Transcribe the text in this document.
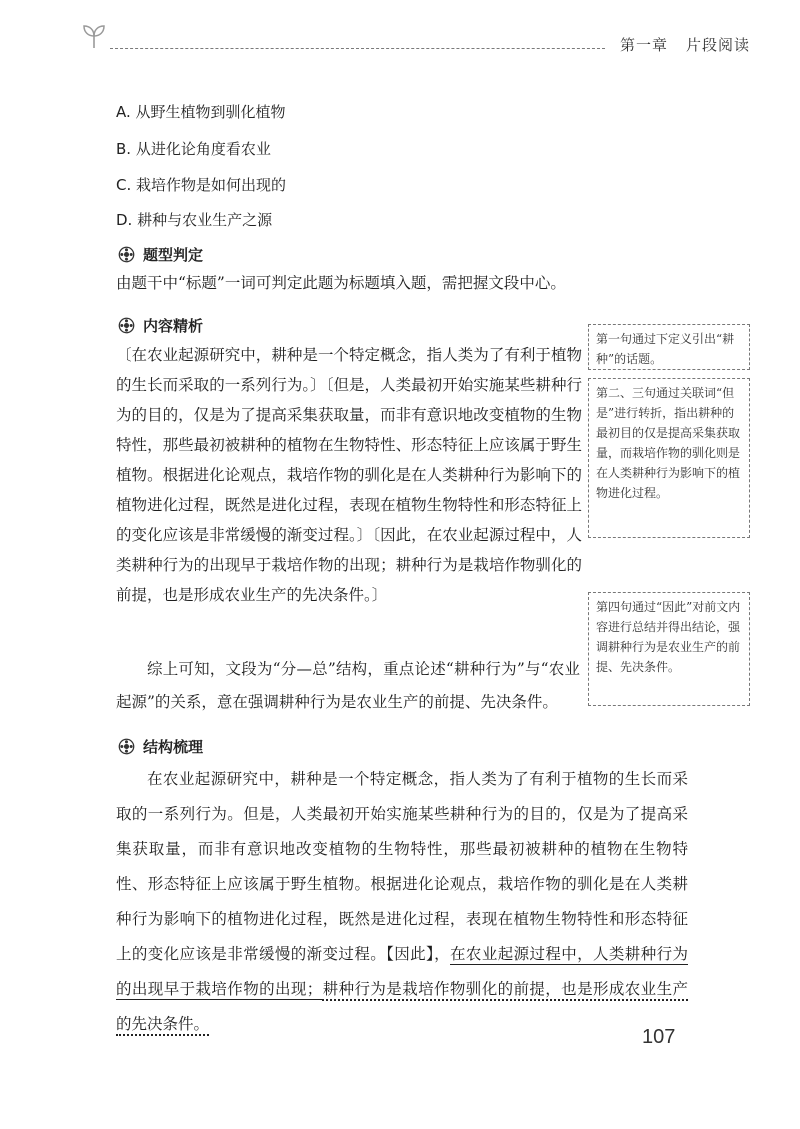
第一章 片段阅读
A. 从野生植物到驯化植物
B. 从进化论角度看农业
C. 栽培作物是如何出现的
D. 耕种与农业生产之源
题型判定
由题干中“标题”一词可判定此题为标题填入题，需把握文段中心。
内容精析

〔在农业起源研究中，耕种是一个特定概念，指人类为了有利于植物的生长而采取的一系列行为。〕〔但是，人类最初开始实施某些耕种行为的目的，仅是为了提高采集获取量，而非有意识地改变植物的生物特性，那些最初被耕种的植物在生物特性、形态特征上应该属于野生植物。根据进化论观点，栽培作物的驯化是在人类耕种行为影响下的植物进化过程，既然是进化过程，表现在植物生物特性和形态特征上的变化应该是非常缓慢的渐变过程。〕〔因此，在农业起源过程中，人类耕种行为的出现早于栽培作物的出现；耕种行为是栽培作物驯化的前提，也是形成农业生产的先决条件。〕

第一句通过下定义引出“耕种”的话题。
第二、三句通过关联词“但是”进行转折，指出耕种的最初目的仅是提高采集获取量，而栽培作物的驯化则是在人类耕种行为影响下的植物进化过程。
第四句通过“因此”对前文内容进行总结并得出结论，强调耕种行为是农业生产的前提、先决条件。
综上可知，文段为“分—总”结构，重点论述“耕种行为”与“农业起源”的关系，意在强调耕种行为是农业生产的前提、先决条件。
结构梳理
在农业起源研究中，耕种是一个特定概念，指人类为了有利于植物的生长而采取的一系列行为。但是，人类最初开始实施某些耕种行为的目的，仅是为了提高采集获取量，而非有意识地改变植物的生物特性，那些最初被耕种的植物在生物特性、形态特征上应该属于野生植物。根据进化论观点，栽培作物的驯化是在人类耕种行为影响下的植物进化过程，既然是进化过程，表现在植物生物特性和形态特征上的变化应该是非常缓慢的渐变过程。【因此】，在农业起源过程中，人类耕种行为的出现早于栽培作物的出现；耕种行为是栽培作物驯化的前提，也是形成农业生产的先决条件。
107
